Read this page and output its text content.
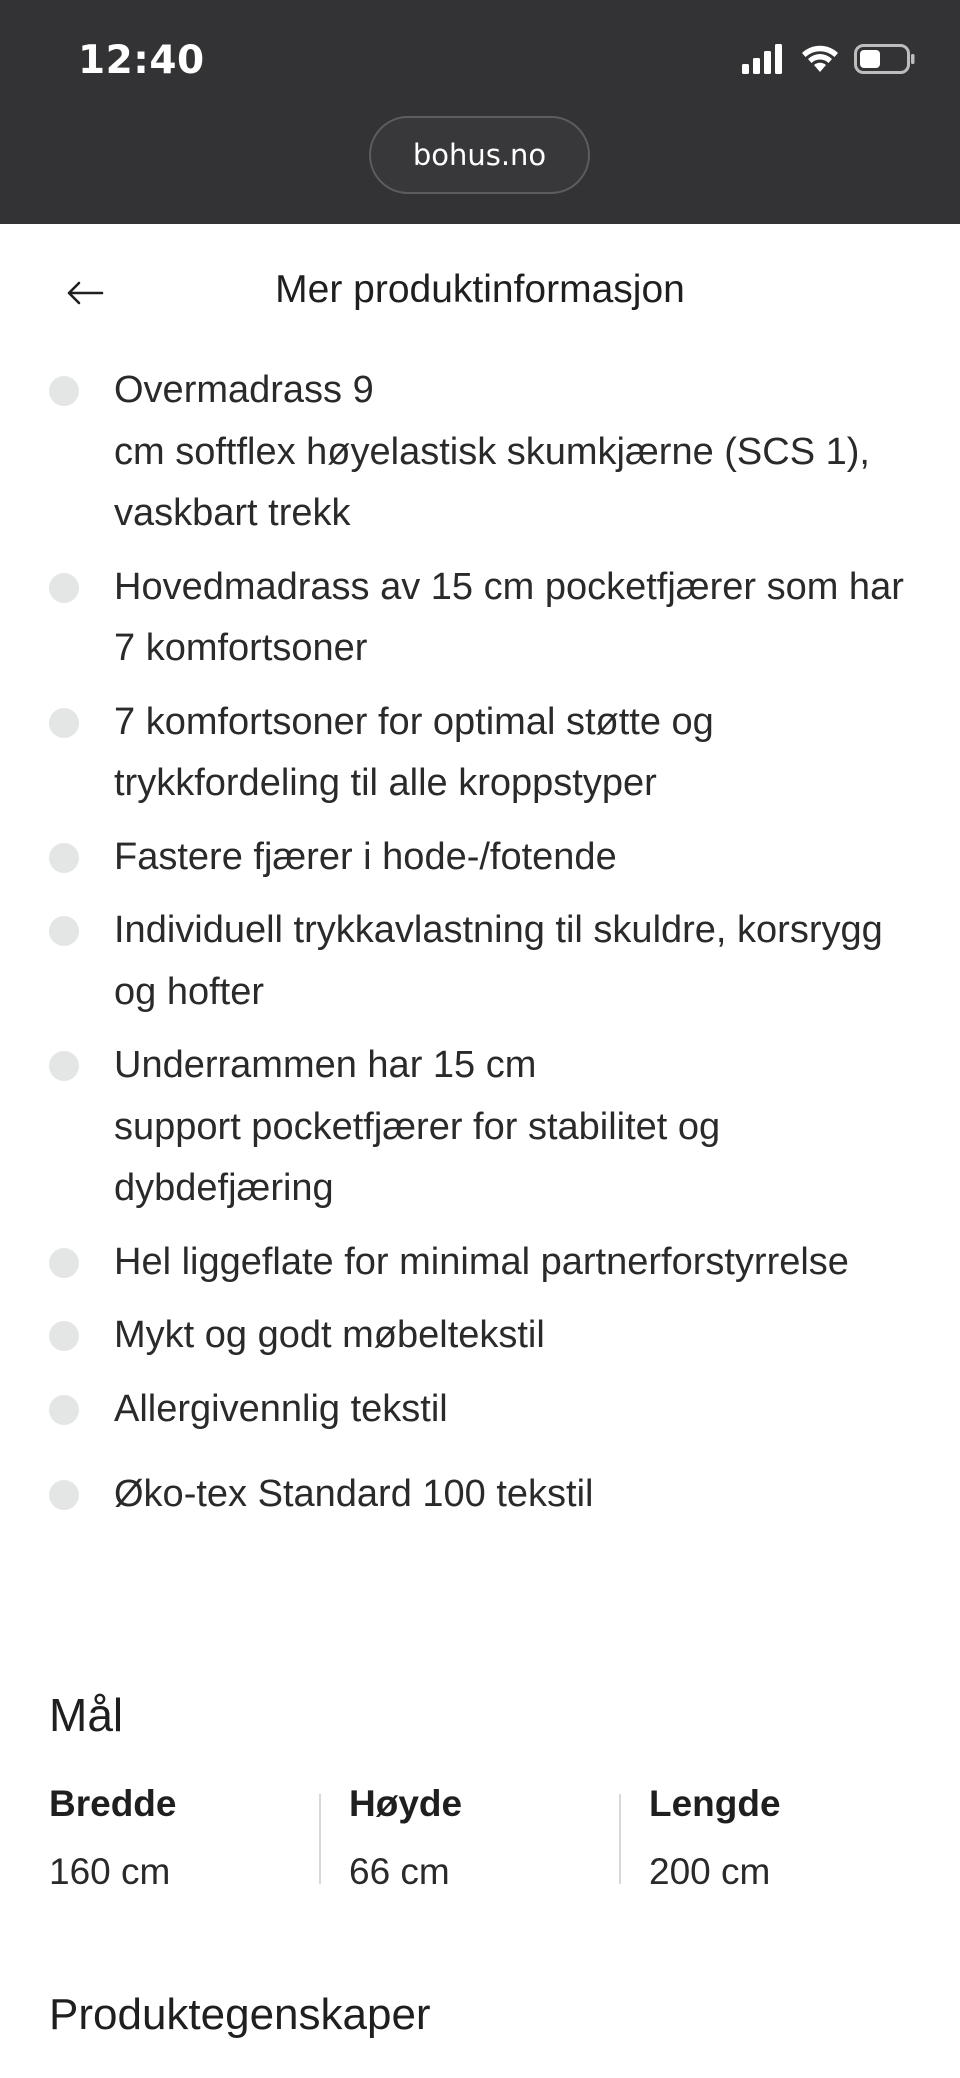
12:40
bohus.no
Mer produktinformasjon
Overmadrass 9
cm softflex høyelastisk skumkjærne (SCS 1), vaskbart trekk
Hovedmadrass av 15 cm pocketfjærer som har 7 komfortsoner
7 komfortsoner for optimal støtte og trykkfordeling til alle kroppstyper
Fastere fjærer i hode-/fotende
Individuell trykkavlastning til skuldre, korsrygg og hofter
Underrammen har 15 cm
support pocketfjærer for stabilitet og dybdefjæring
Hel liggeflate for minimal partnerforstyrrelse
Mykt og godt møbeltekstil
Allergivennlig tekstil
Øko-tex Standard 100 tekstil
Mål
Bredde
160 cm
Høyde
66 cm
Lengde
200 cm
Produktegenskaper
